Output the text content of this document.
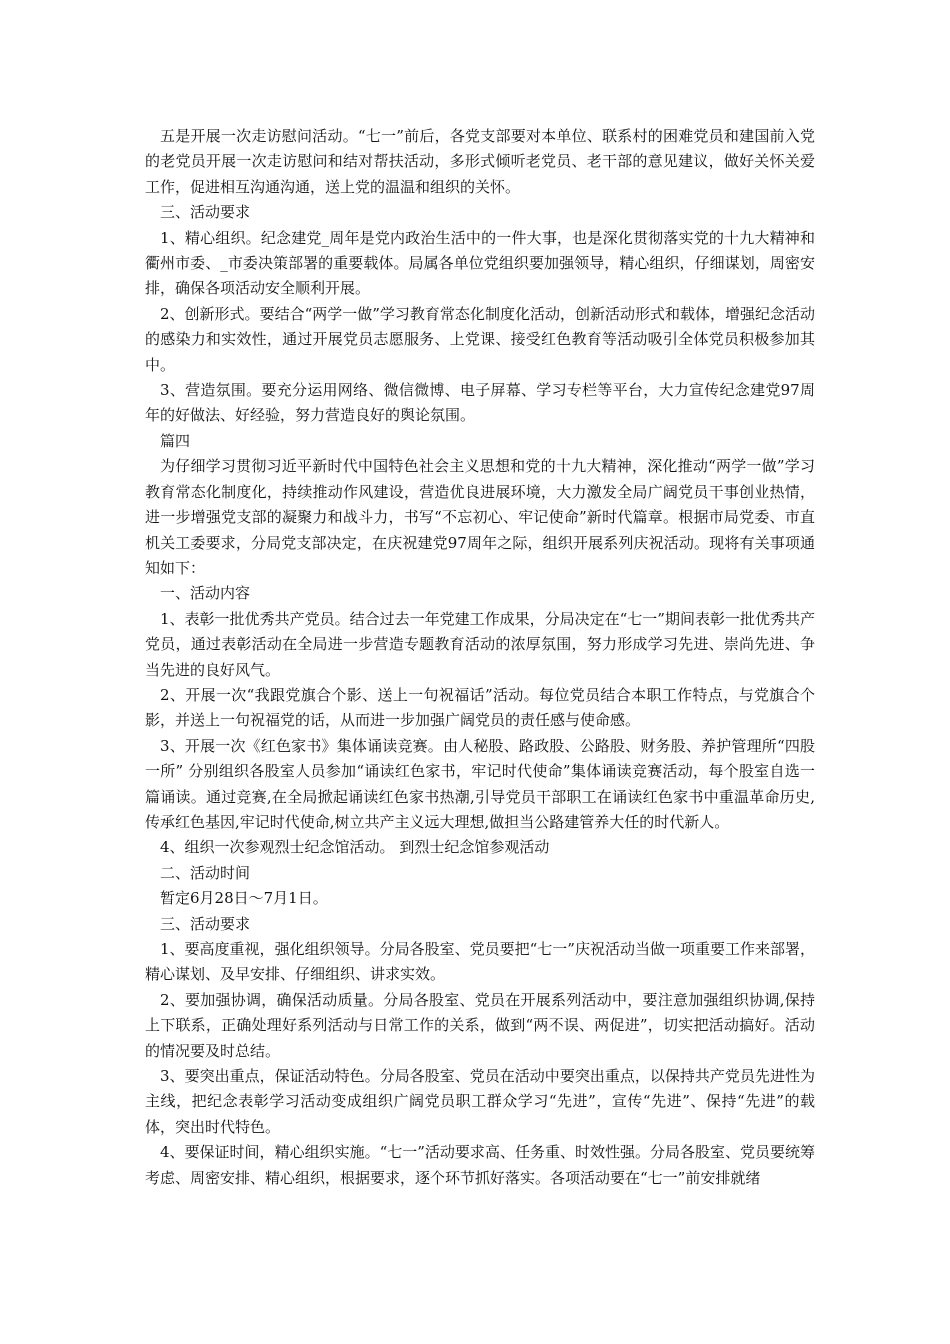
五是开展一次走访慰问活动。“七一”前后，各党支部要对本单位、联系村的困难党员和建国前入党的老党员开展一次走访慰问和结对帮扶活动，多形式倾听老党员、老干部的意见建议，做好关怀关爱工作，促进相互沟通沟通，送上党的温温和组织的关怀。

三、活动要求

1、精心组织。纪念建党_周年是党内政治生活中的一件大事，也是深化贯彻落实党的十九大精神和衢州市委、_市委决策部署的重要载体。局属各单位党组织要加强领导，精心组织，仔细谋划，周密安排，确保各项活动安全顺利开展。

2、创新形式。要结合“两学一做”学习教育常态化制度化活动，创新活动形式和载体，增强纪念活动的感染力和实效性，通过开展党员志愿服务、上党课、接受红色教育等活动吸引全体党员积极参加其中。

3、营造氛围。要充分运用网络、微信微博、电子屏幕、学习专栏等平台，大力宣传纪念建党97周年的好做法、好经验，努力营造良好的舆论氛围。

篇四

为仔细学习贯彻习近平新时代中国特色社会主义思想和党的十九大精神，深化推动“两学一做”学习教育常态化制度化，持续推动作风建设，营造优良进展环境，大力激发全局广阔党员干事创业热情，进一步增强党支部的凝聚力和战斗力，书写“不忘初心、牢记使命”新时代篇章。根据市局党委、市直机关工委要求，分局党支部决定，在庆祝建党97周年之际，组织开展系列庆祝活动。现将有关事项通知如下：

一、活动内容

1、表彰一批优秀共产党员。结合过去一年党建工作成果，分局决定在“七一”期间表彰一批优秀共产党员，通过表彰活动在全局进一步营造专题教育活动的浓厚氛围，努力形成学习先进、崇尚先进、争当先进的良好风气。

2、开展一次“我跟党旗合个影、送上一句祝福话”活动。每位党员结合本职工作特点，与党旗合个影，并送上一句祝福党的话，从而进一步加强广阔党员的责任感与使命感。

3、开展一次《红色家书》集体诵读竞赛。由人秘股、路政股、公路股、财务股、养护管理所“四股一所” 分别组织各股室人员参加“诵读红色家书，牢记时代使命”集体诵读竞赛活动，每个股室自选一篇诵读。通过竞赛,在全局掀起诵读红色家书热潮,引导党员干部职工在诵读红色家书中重温革命历史,传承红色基因,牢记时代使命,树立共产主义远大理想,做担当公路建管养大任的时代新人。

4、组织一次参观烈士纪念馆活动。 到烈士纪念馆参观活动

二、活动时间

暂定6月28日～7月1日。

三、活动要求

1、要高度重视，强化组织领导。分局各股室、党员要把“七一”庆祝活动当做一项重要工作来部署，精心谋划、及早安排、仔细组织、讲求实效。

2、要加强协调，确保活动质量。分局各股室、党员在开展系列活动中，要注意加强组织协调,保持上下联系，正确处理好系列活动与日常工作的关系，做到“两不误、两促进”，切实把活动搞好。活动的情况要及时总结。

3、要突出重点，保证活动特色。分局各股室、党员在活动中要突出重点，以保持共产党员先进性为主线，把纪念表彰学习活动变成组织广阔党员职工群众学习“先进”，宣传“先进”、保持“先进”的载体，突出时代特色。

4、要保证时间，精心组织实施。“七一”活动要求高、任务重、时效性强。分局各股室、党员要统筹考虑、周密安排、精心组织，根据要求，逐个环节抓好落实。各项活动要在“七一”前安排就绪
